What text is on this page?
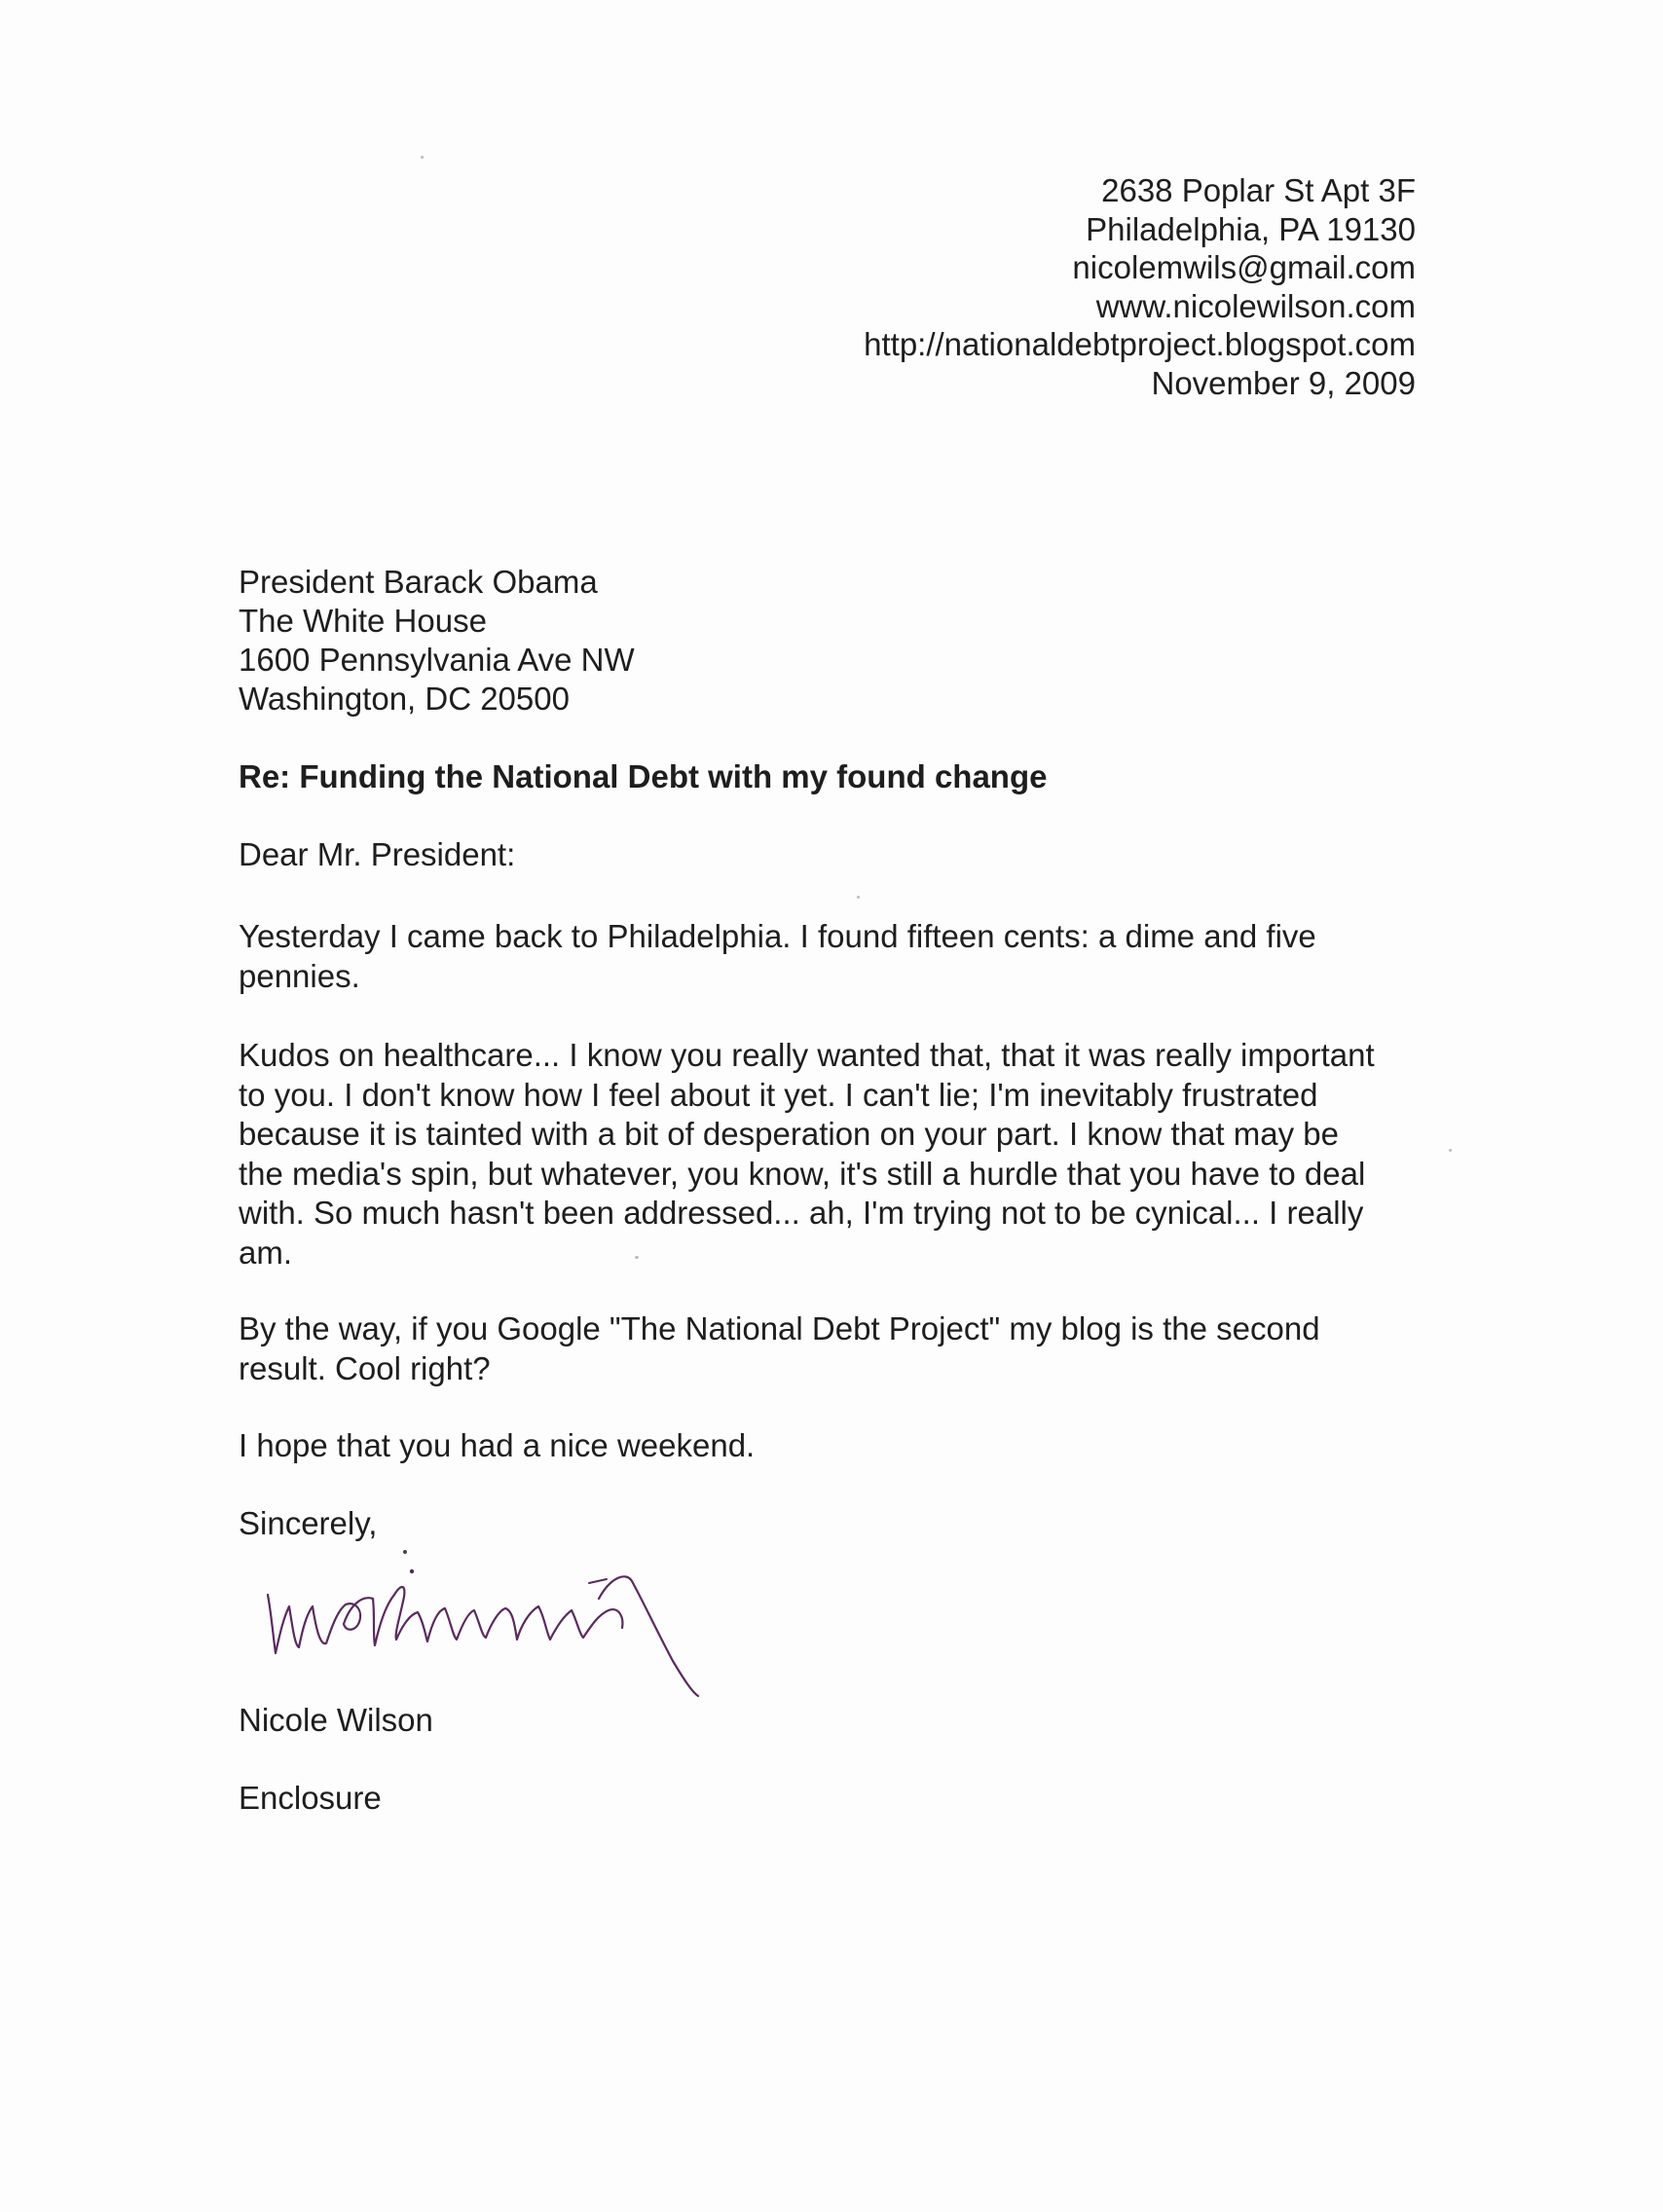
2638 Poplar St Apt 3F
Philadelphia, PA 19130
nicolemwils@gmail.com
www.nicolewilson.com
http://nationaldebtproject.blogspot.com
November 9, 2009
President Barack Obama
The White House
1600 Pennsylvania Ave NW
Washington, DC 20500
Re: Funding the National Debt with my found change
Dear Mr. President:
Yesterday I came back to Philadelphia. I found fifteen cents: a dime and five
pennies.
Kudos on healthcare... I know you really wanted that, that it was really important
to you. I don't know how I feel about it yet. I can't lie; I'm inevitably frustrated
because it is tainted with a bit of desperation on your part. I know that may be
the media's spin, but whatever, you know, it's still a hurdle that you have to deal
with. So much hasn't been addressed... ah, I'm trying not to be cynical... I really
am.
By the way, if you Google "The National Debt Project" my blog is the second
result. Cool right?
I hope that you had a nice weekend.
Sincerely,
Nicole Wilson
Enclosure
